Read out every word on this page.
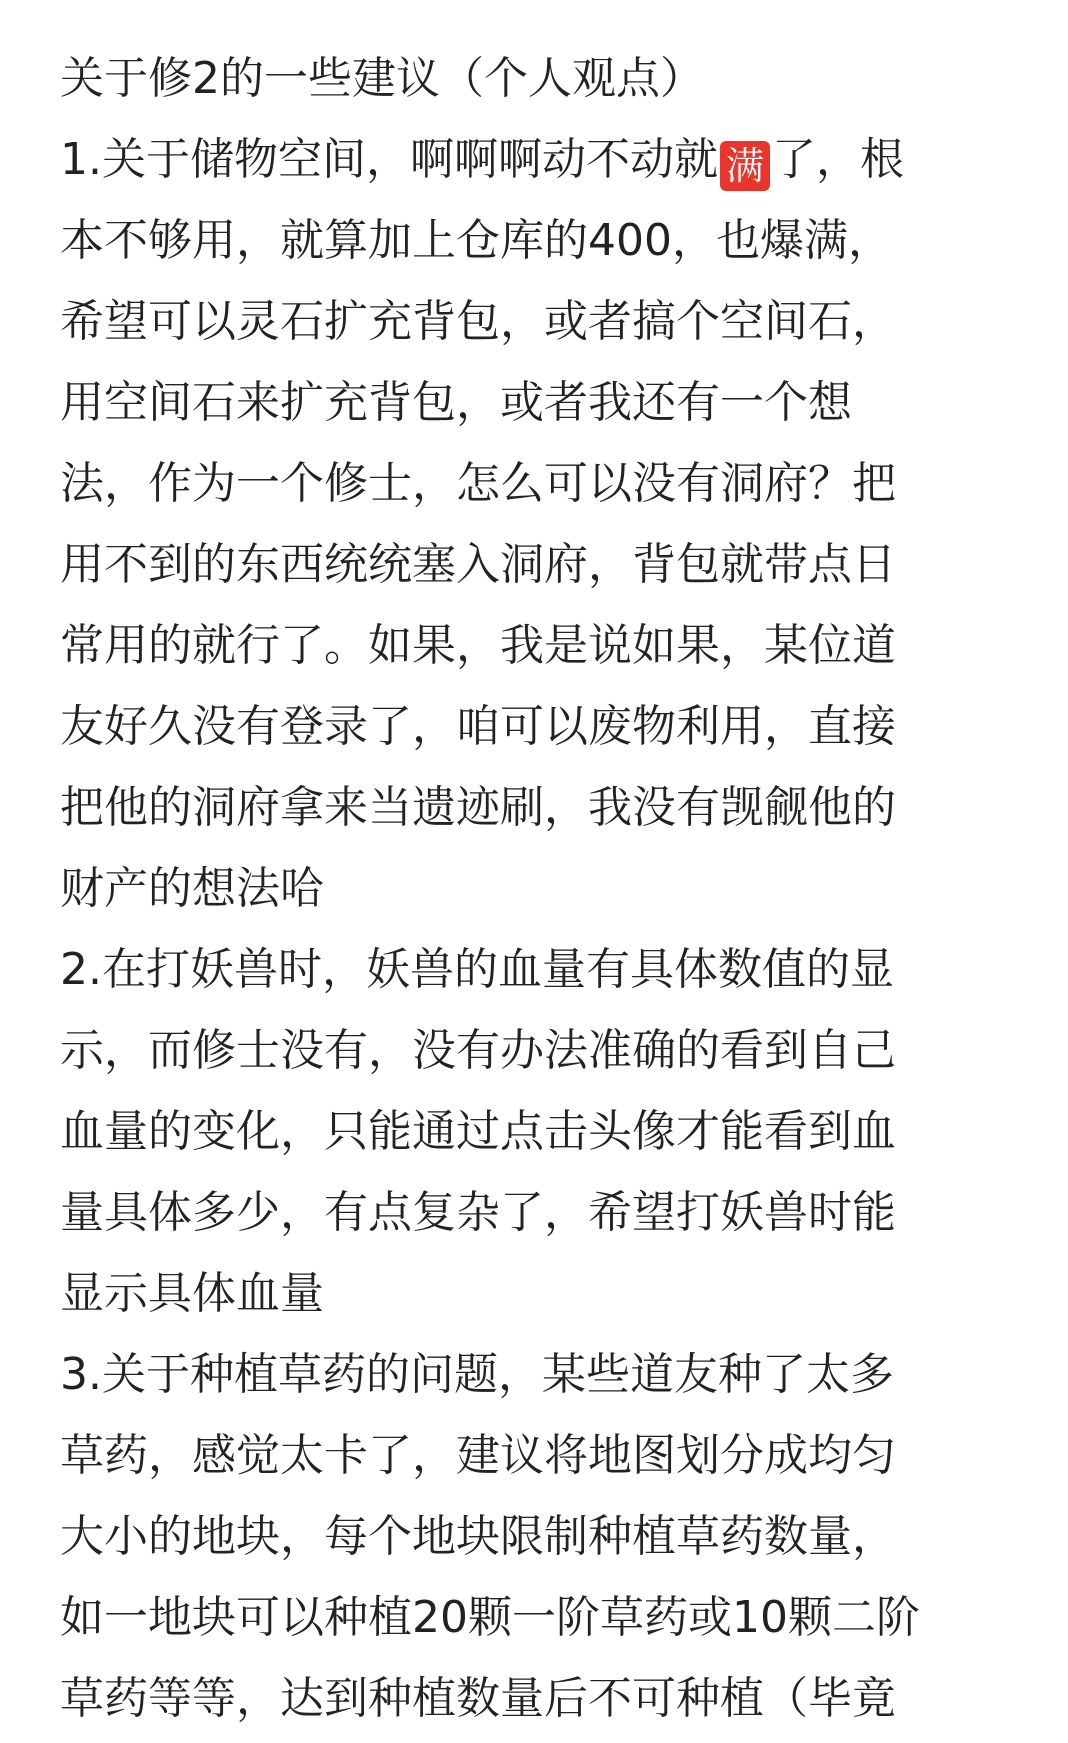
关于修2的一些建议（个人观点）
1.关于储物空间，啊啊啊动不动就 满 了，根
本不够用，就算加上仓库的400，也爆满，
希望可以灵石扩充背包，或者搞个空间石，
用空间石来扩充背包，或者我还有一个想
法，作为一个修士，怎么可以没有洞府？把
用不到的东西统统塞入洞府，背包就带点日
常用的就行了。如果，我是说如果，某位道
友好久没有登录了，咱可以废物利用，直接
把他的洞府拿来当遗迹刷，我没有觊觎他的
财产的想法哈
2.在打妖兽时，妖兽的血量有具体数值的显
示，而修士没有，没有办法准确的看到自己
血量的变化，只能通过点击头像才能看到血
量具体多少，有点复杂了，希望打妖兽时能
显示具体血量
3.关于种植草药的问题，某些道友种了太多
草药，感觉太卡了，建议将地图划分成均匀
大小的地块，每个地块限制种植草药数量，
如一地块可以种植20颗一阶草药或10颗二阶
草药等等，达到种植数量后不可种植（毕竟
